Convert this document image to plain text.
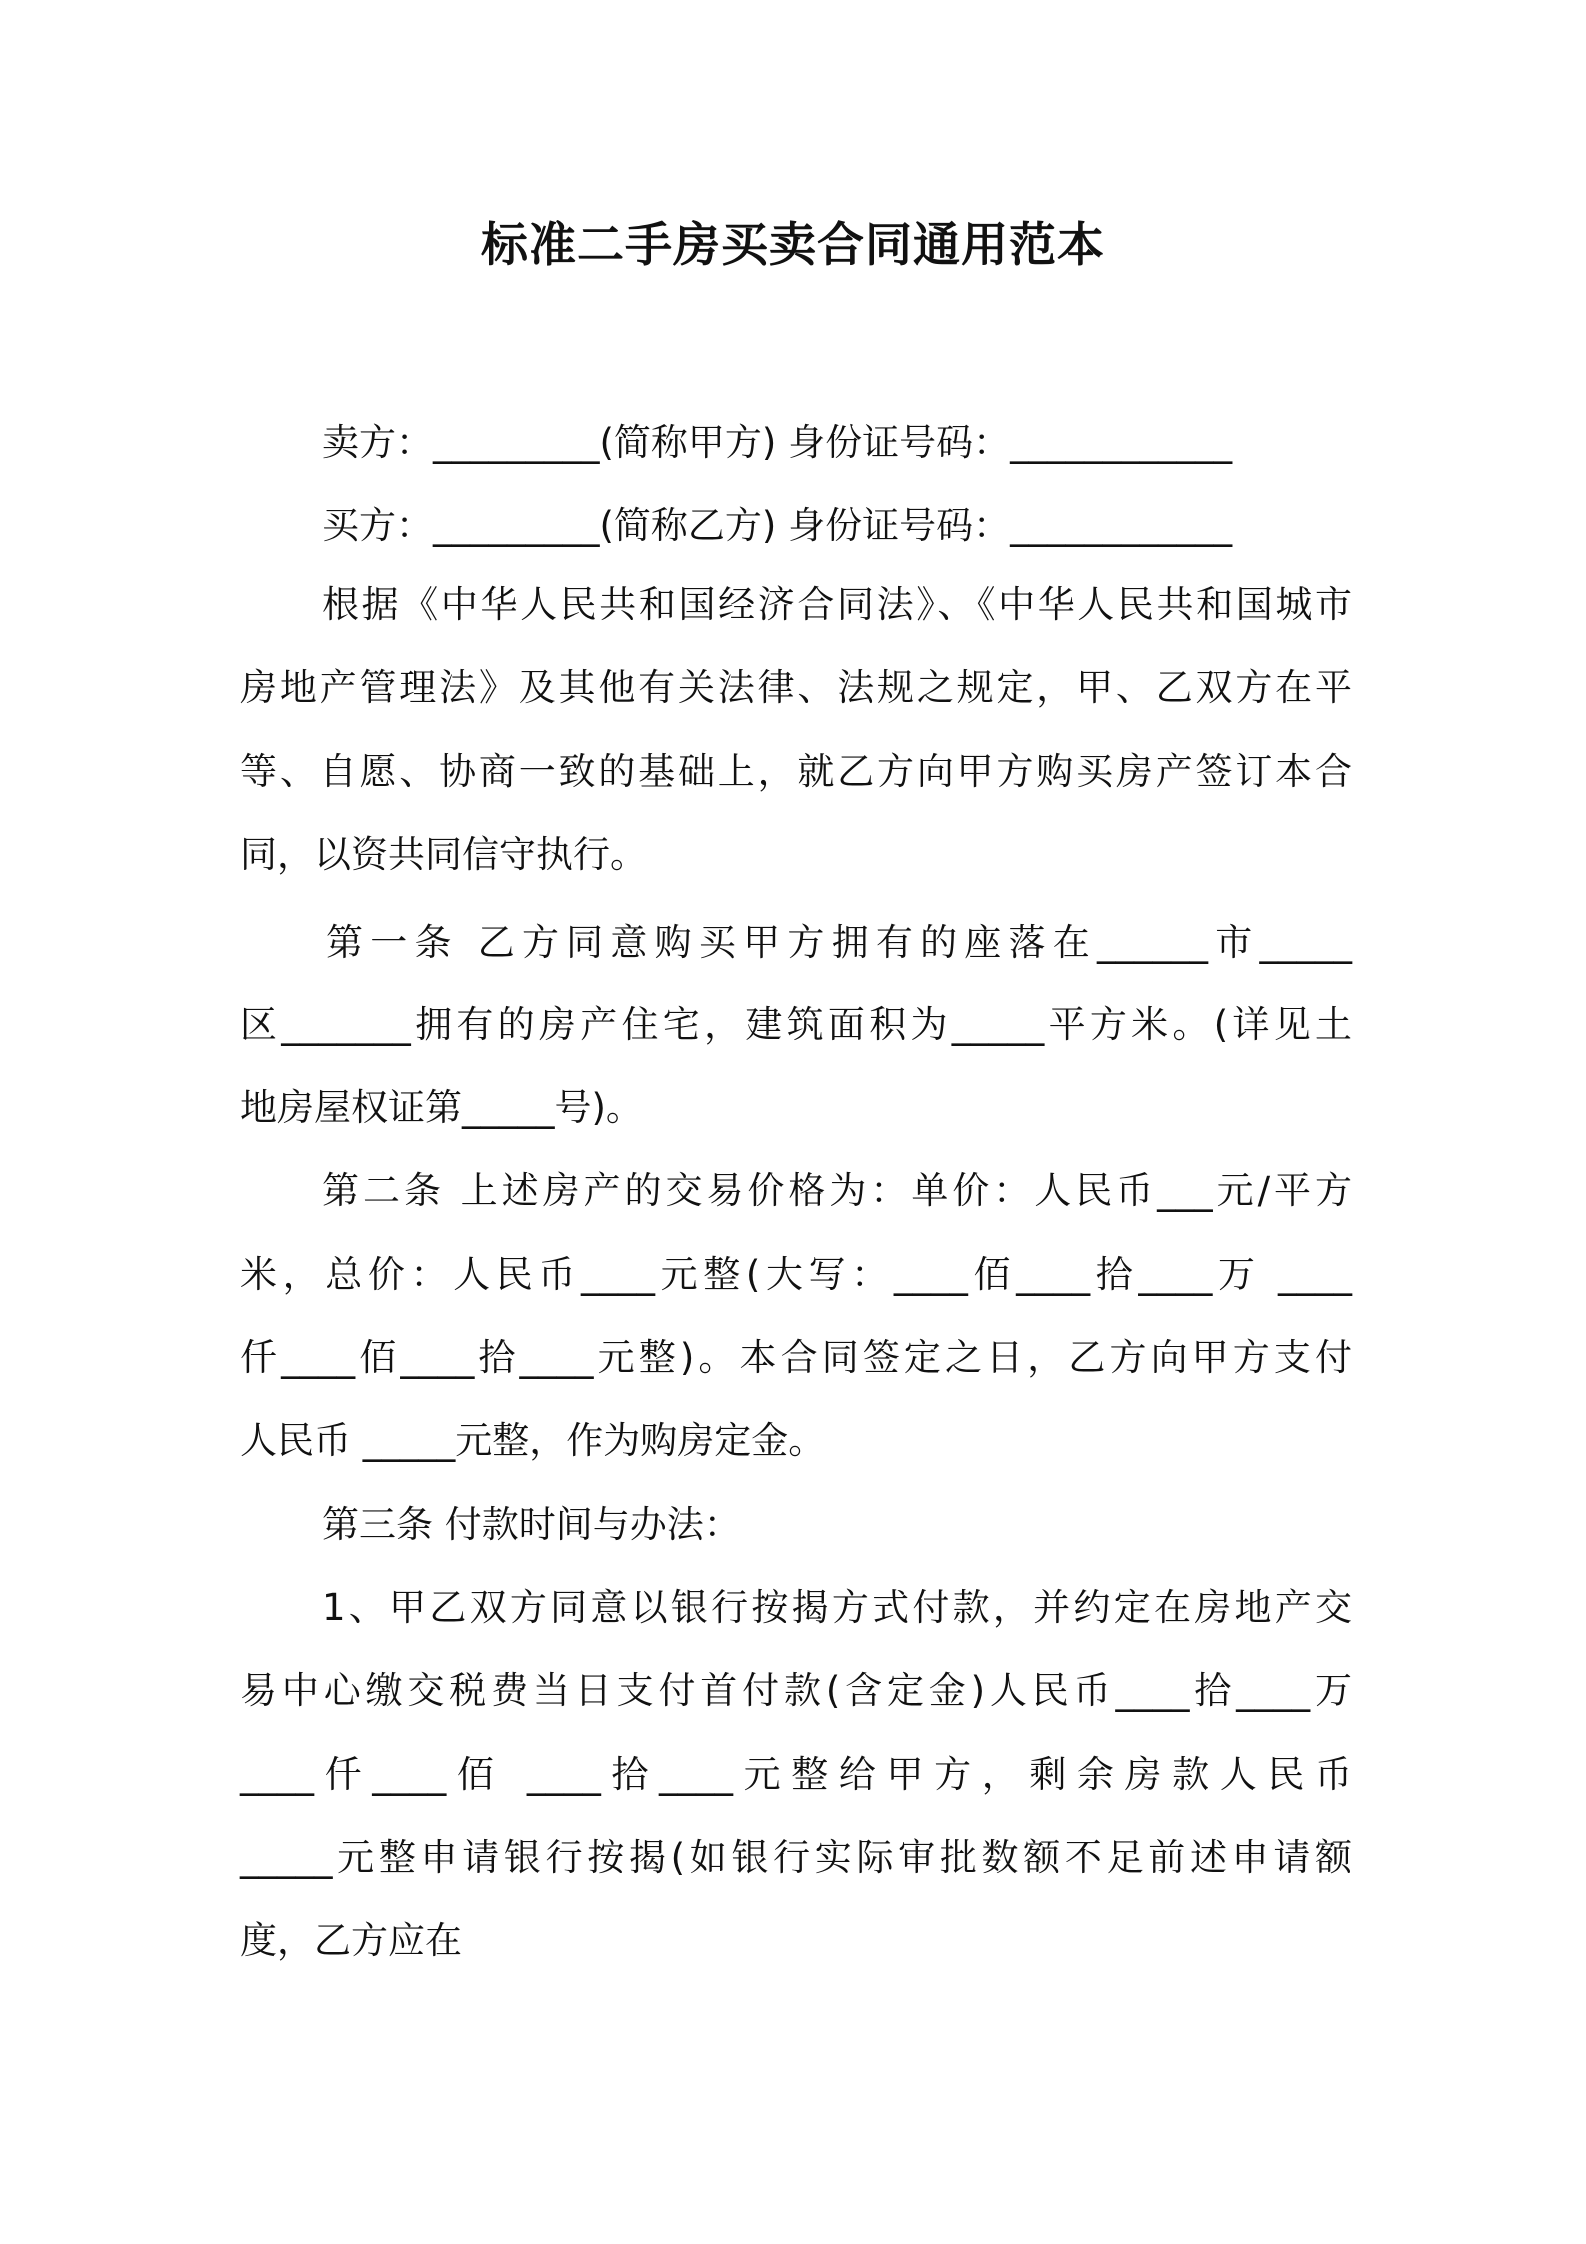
标准二手房买卖合同通用范本
卖方：_________(简称甲方) 身份证号码：____________
买方：_________(简称乙方) 身份证号码：____________
根据《中华人民共和国经济合同法》、《中华人民共和国城市
房地产管理法》及其他有关法律、法规之规定，甲、乙双方在平
等、自愿、协商一致的基础上，就乙方向甲方购买房产签订本合
同，以资共同信守执行。
第一条 乙方同意购买甲方拥有的座落在______市_____
区_______拥有的房产住宅，建筑面积为_____平方米。(详见土
地房屋权证第_____号)。
第二条 上述房产的交易价格为：单价：人民币___元/平方
米，总价：人民币____元整(大写：____佰____拾____万 ____
仟____佰____拾____元整)。本合同签定之日，乙方向甲方支付
人民币 _____元整，作为购房定金。
第三条 付款时间与办法：
1、甲乙双方同意以银行按揭方式付款，并约定在房地产交
易中心缴交税费当日支付首付款(含定金)人民币____拾____万
____仟____佰 ____拾____元整给甲方，剩余房款人民币
_____元整申请银行按揭(如银行实际审批数额不足前述申请额
度，乙方应在
